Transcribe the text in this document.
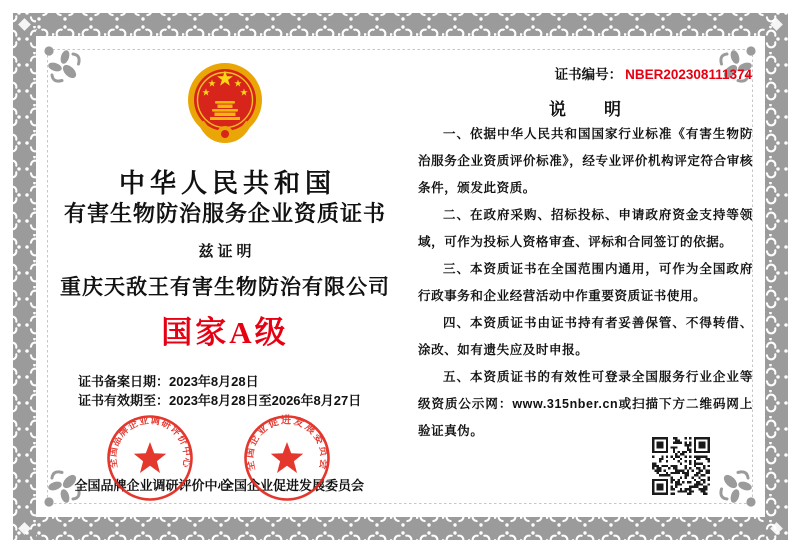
中华人民共和国
有害生物防治服务企业资质证书
兹证明
重庆天敌王有害生物防治有限公司
国家A级
证书备案日期：2023年8月28日
证书有效期至：2023年8月28日至2026年8月27日
全国品牌企业调研评价中心
全国企业促进发展委员会
全国品牌企业调研评价中心	全国企业促进发展委员会
证书编号： NBER202308111374
说 明

一、依据中华人民共和国国家行业标准《有害生物防治服务企业资质评价标准》，经专业评价机构评定符合审核条件，颁发此资质。

二、在政府采购、招标投标、申请政府资金支持等领域，可作为投标人资格审查、评标和合同签订的依据。

三、本资质证书在全国范围内通用，可作为全国政府行政事务和企业经营活动中作重要资质证书使用。

四、本资质证书由证书持有者妥善保管、不得转借、涂改、如有遗失应及时申报。

五、本资质证书的有效性可登录全国服务行业企业等级资质公示网：www.315nber.cn或扫描下方二维码网上验证真伪。
